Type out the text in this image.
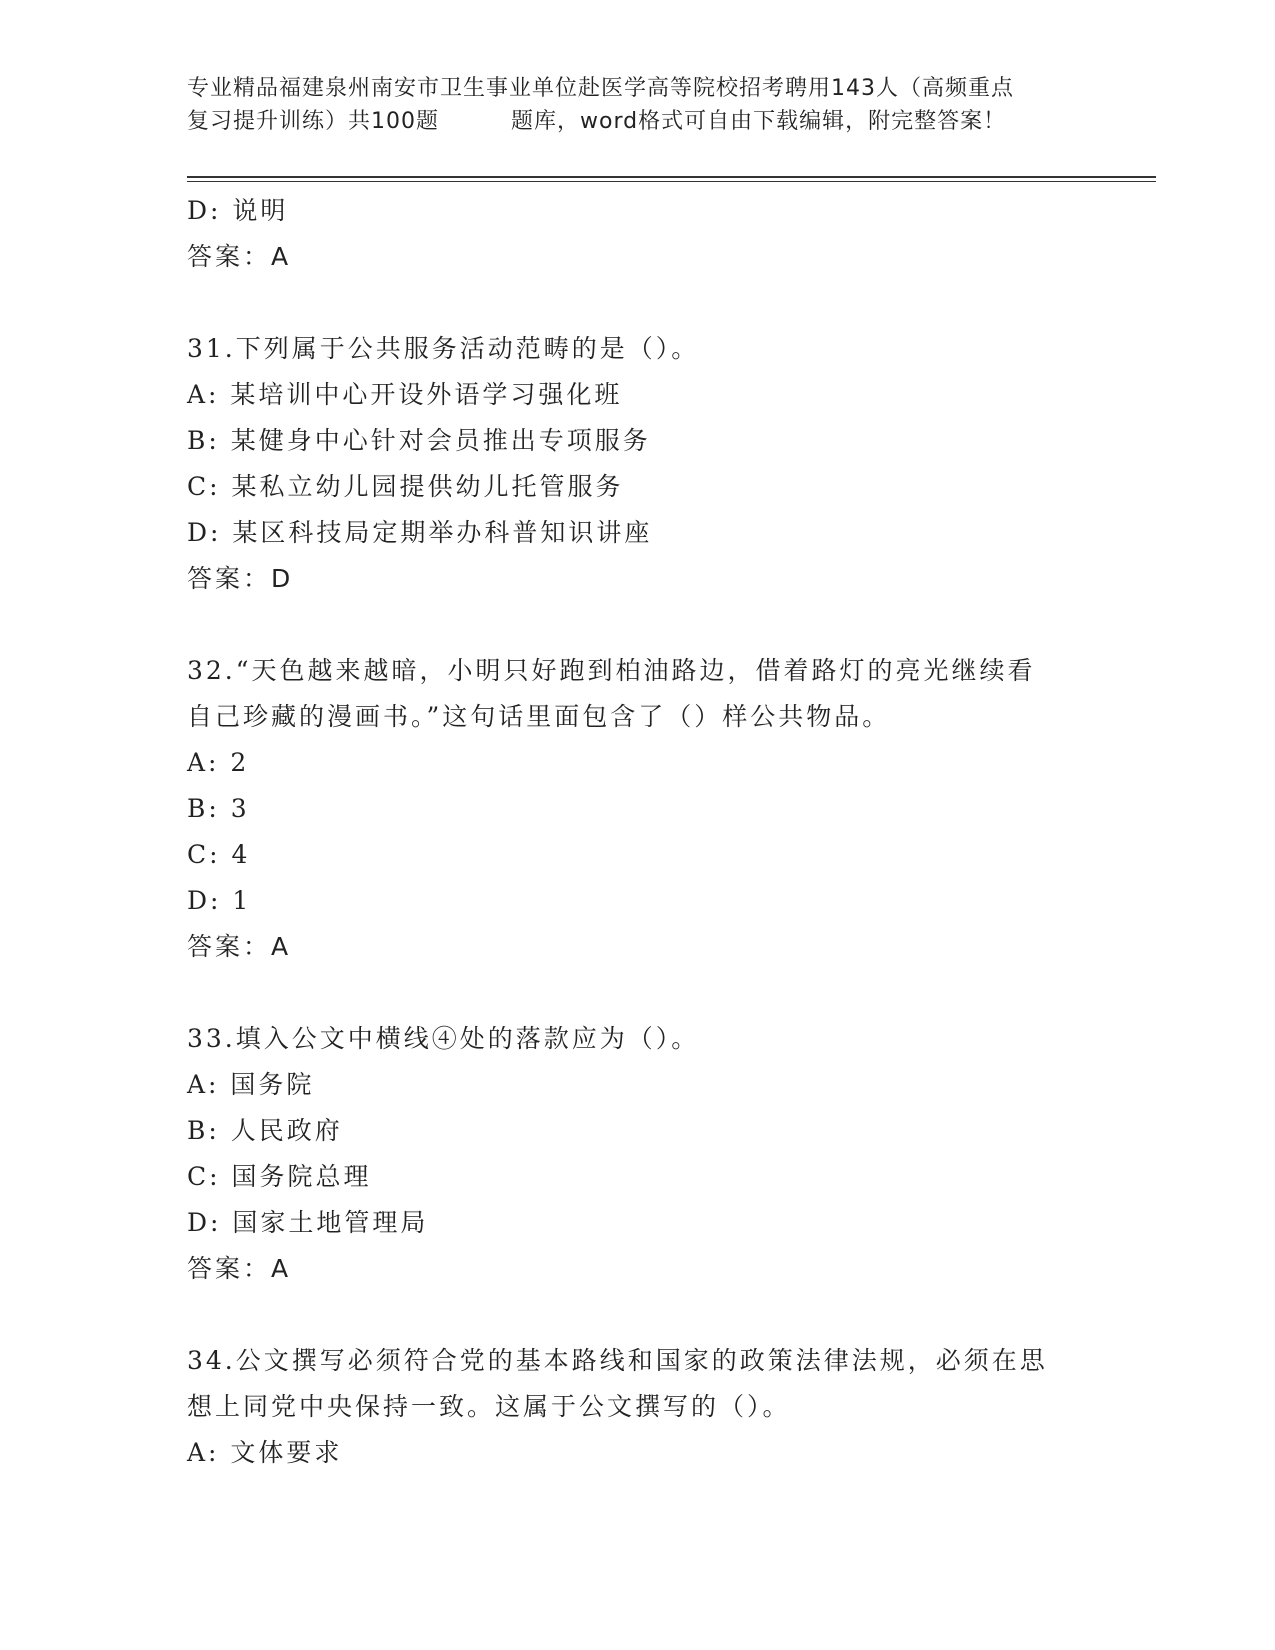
专业精品福建泉州南安市卫生事业单位赴医学高等院校招考聘用143人（高频重点
复习提升训练）共100题	题库，word格式可自由下载编辑，附完整答案！
D: 说明
答案：A
31.下列属于公共服务活动范畴的是（）。
A: 某培训中心开设外语学习强化班
B: 某健身中心针对会员推出专项服务
C: 某私立幼儿园提供幼儿托管服务
D: 某区科技局定期举办科普知识讲座
答案：D
32.“天色越来越暗，小明只好跑到柏油路边，借着路灯的亮光继续看
自己珍藏的漫画书。”这句话里面包含了（）样公共物品。
A: 2
B: 3
C: 4
D: 1
答案：A
33.填入公文中横线④处的落款应为（）。
A: 国务院
B: 人民政府
C: 国务院总理
D: 国家土地管理局
答案：A
34.公文撰写必须符合党的基本路线和国家的政策法律法规，必须在思
想上同党中央保持一致。这属于公文撰写的（）。
A: 文体要求
